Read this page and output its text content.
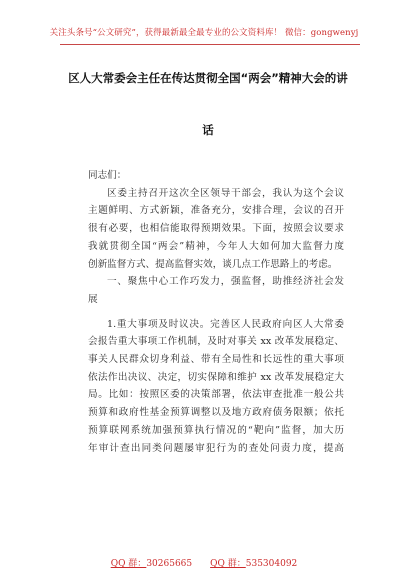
关注头条号“公文研究”，获得最新最全最专业的公文资料库！ 微信：gongwenyj
区人大常委会主任在传达贯彻全国“两会”精神大会的讲
话

同志们：

区委主持召开这次全区领导干部会，我认为这个会议

主题鲜明、方式新颖，准备充分，安排合理，会议的召开

很有必要，也相信能取得预期效果。下面，按照会议要求

我就贯彻全国“两会”精神，今年人大如何加大监督力度

创新监督方式、提高监督实效，谈几点工作思路上的考虑。

一、聚焦中心工作巧发力，强监督，助推经济社会发

展

1.重大事项及时议决。完善区人民政府向区人大常委

会报告重大事项工作机制，及时对事关 xx 改革发展稳定、

事关人民群众切身利益、带有全局性和长远性的重大事项

依法作出决议、决定，切实保障和维护 xx 改革发展稳定大

局。比如：按照区委的决策部署，依法审查批准一般公共

预算和政府性基金预算调整以及地方政府债务限额；依托

预算联网系统加强预算执行情况的“靶向”监督，加大历

年审计查出同类问题屡审犯行为的查处问责力度，提高

QQ 群：30265665 QQ 群：535304092
